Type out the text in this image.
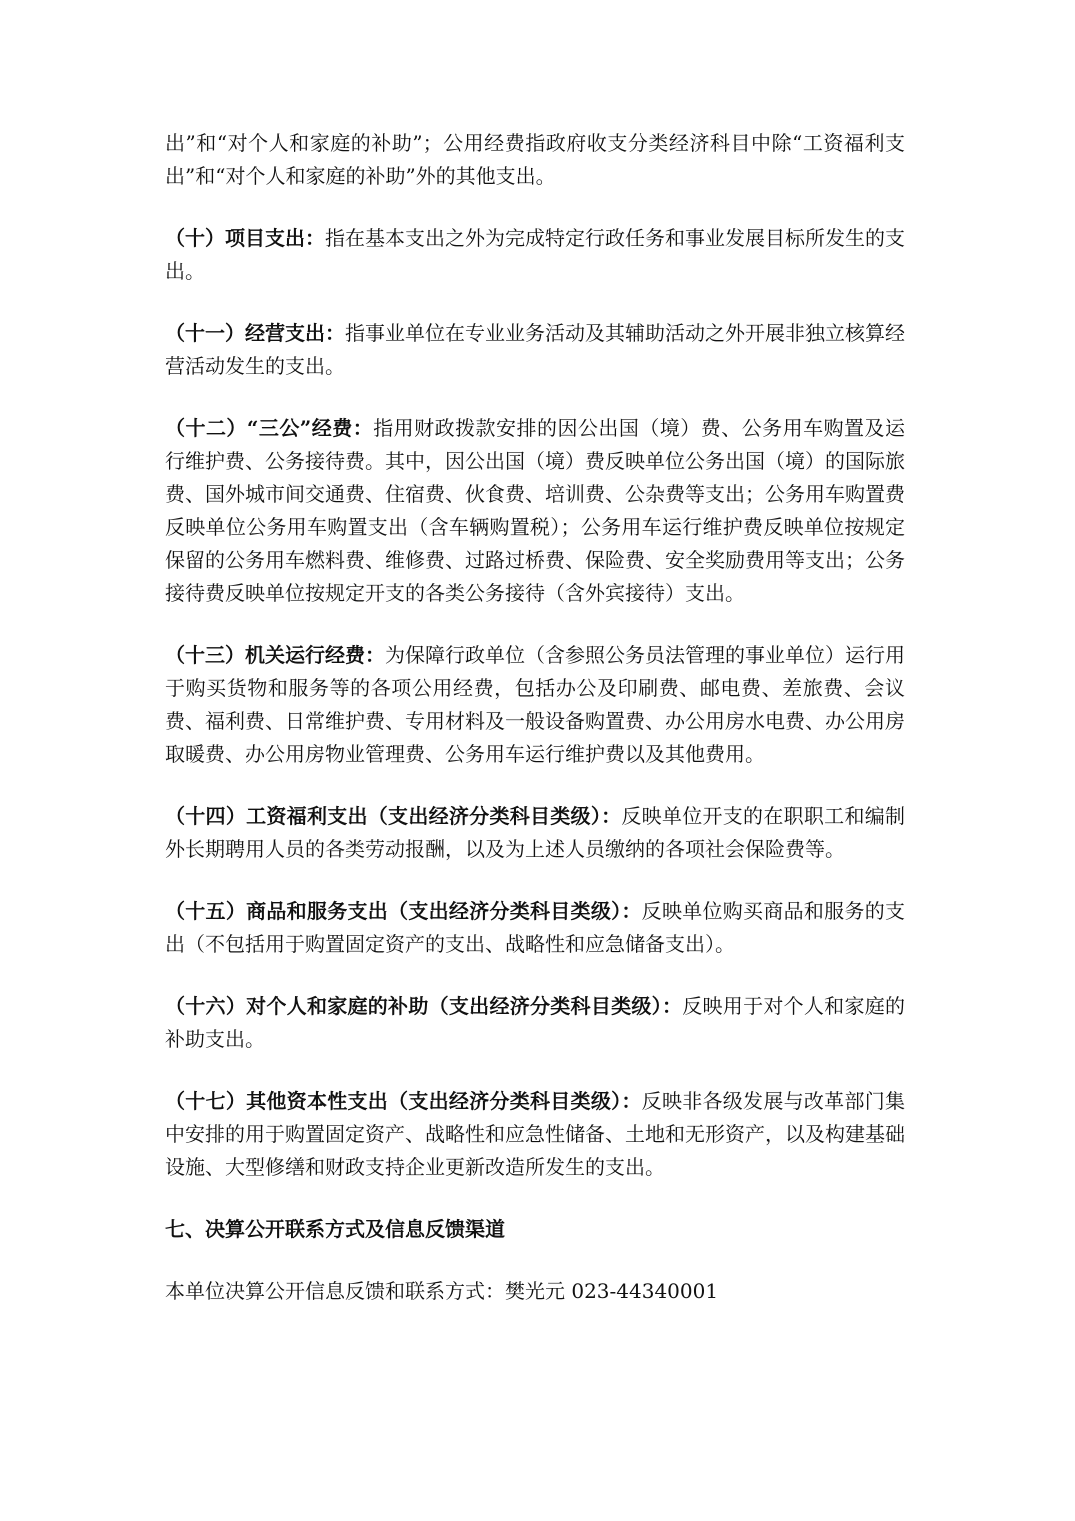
出”和“对个人和家庭的补助”；公用经费指政府收支分类经济科目中除“工资福利支出”和“对个人和家庭的补助”外的其他支出。

（十）项目支出：指在基本支出之外为完成特定行政任务和事业发展目标所发生的支出。

（十一）经营支出：指事业单位在专业业务活动及其辅助活动之外开展非独立核算经营活动发生的支出。

（十二）“三公”经费：指用财政拨款安排的因公出国（境）费、公务用车购置及运行维护费、公务接待费。其中，因公出国（境）费反映单位公务出国（境）的国际旅费、国外城市间交通费、住宿费、伙食费、培训费、公杂费等支出；公务用车购置费反映单位公务用车购置支出（含车辆购置税）；公务用车运行维护费反映单位按规定保留的公务用车燃料费、维修费、过路过桥费、保险费、安全奖励费用等支出；公务接待费反映单位按规定开支的各类公务接待（含外宾接待）支出。

（十三）机关运行经费：为保障行政单位（含参照公务员法管理的事业单位）运行用于购买货物和服务等的各项公用经费，包括办公及印刷费、邮电费、差旅费、会议费、福利费、日常维护费、专用材料及一般设备购置费、办公用房水电费、办公用房取暖费、办公用房物业管理费、公务用车运行维护费以及其他费用。

（十四）工资福利支出（支出经济分类科目类级）：反映单位开支的在职职工和编制外长期聘用人员的各类劳动报酬，以及为上述人员缴纳的各项社会保险费等。

（十五）商品和服务支出（支出经济分类科目类级）：反映单位购买商品和服务的支出（不包括用于购置固定资产的支出、战略性和应急储备支出）。

（十六）对个人和家庭的补助（支出经济分类科目类级）：反映用于对个人和家庭的补助支出。

（十七）其他资本性支出（支出经济分类科目类级）：反映非各级发展与改革部门集中安排的用于购置固定资产、战略性和应急性储备、土地和无形资产，以及构建基础设施、大型修缮和财政支持企业更新改造所发生的支出。

七、决算公开联系方式及信息反馈渠道

本单位决算公开信息反馈和联系方式：樊光元 023-44340001
